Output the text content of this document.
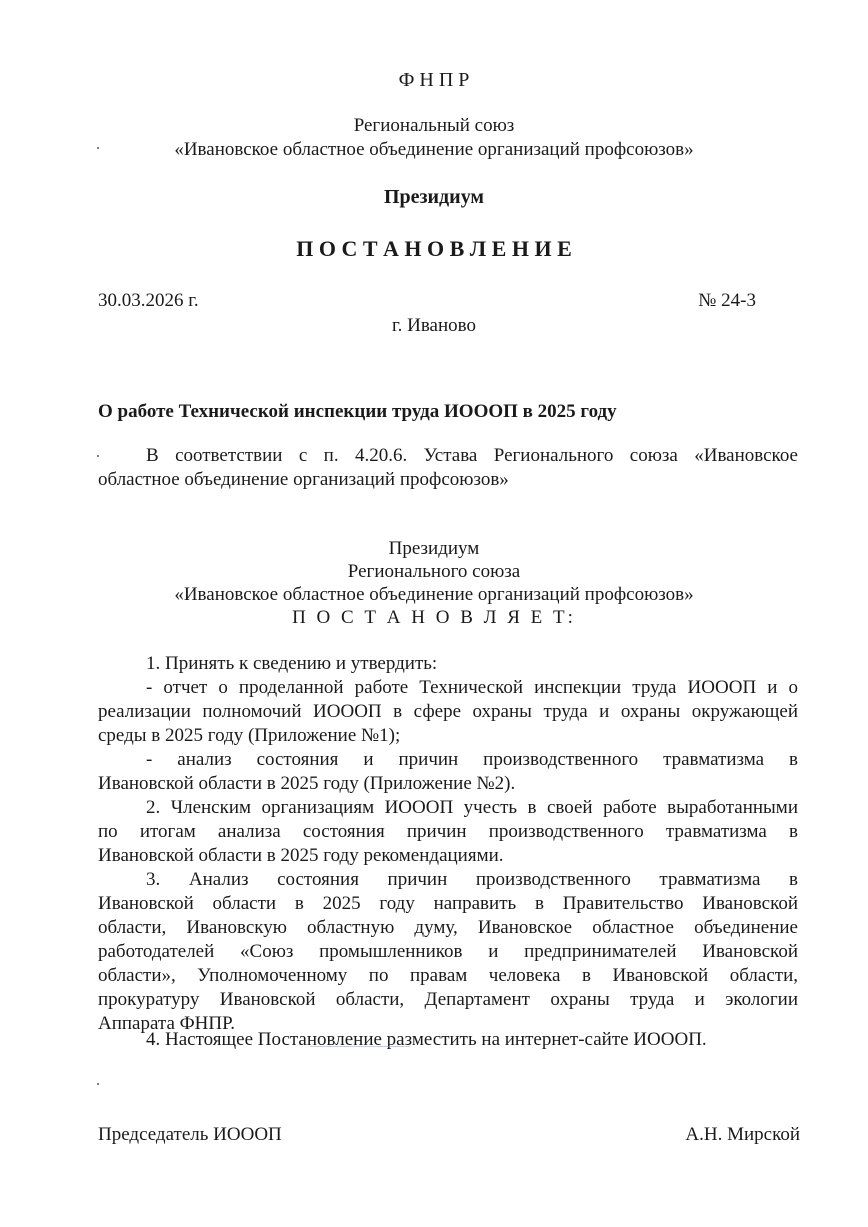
Ф Н П Р
Региональный союз
«Ивановское областное объединение организаций профсоюзов»
Президиум
П О С Т А Н О В Л Е Н И Е
30.03.2026 г.	№ 24-3
г. Иваново
О работе Технической инспекции труда ИОООП в 2025 году
В соответствии с п. 4.20.6. Устава Регионального союза «Ивановское
областное объединение организаций профсоюзов»
Президиум
Регионального союза
«Ивановское областное объединение организаций профсоюзов»
П О С Т А Н О В Л Я Е Т:
1. Принять к сведению и утвердить:
- отчет о проделанной работе Технической инспекции труда ИОООП и о
реализации полномочий ИОООП в сфере охраны труда и охраны окружающей
среды в 2025 году (Приложение №1);
- анализ состояния и причин производственного травматизма в
Ивановской области в 2025 году (Приложение №2).
2. Членским организациям ИОООП учесть в своей работе выработанными
по итогам анализа состояния причин производственного травматизма в
Ивановской области в 2025 году рекомендациями.
3. Анализ состояния причин производственного травматизма в
Ивановской области в 2025 году направить в Правительство Ивановской
области, Ивановскую областную думу, Ивановское областное объединение
работодателей «Союз промышленников и предпринимателей Ивановской
области», Уполномоченному по правам человека в Ивановской области,
прокуратуру Ивановской области, Департамент охраны труда и экологии
Аппарата ФНПР.
4. Настоящее Постановление разместить на интернет-сайте ИОООП.
Председатель ИОООП	А.Н. Мирской
